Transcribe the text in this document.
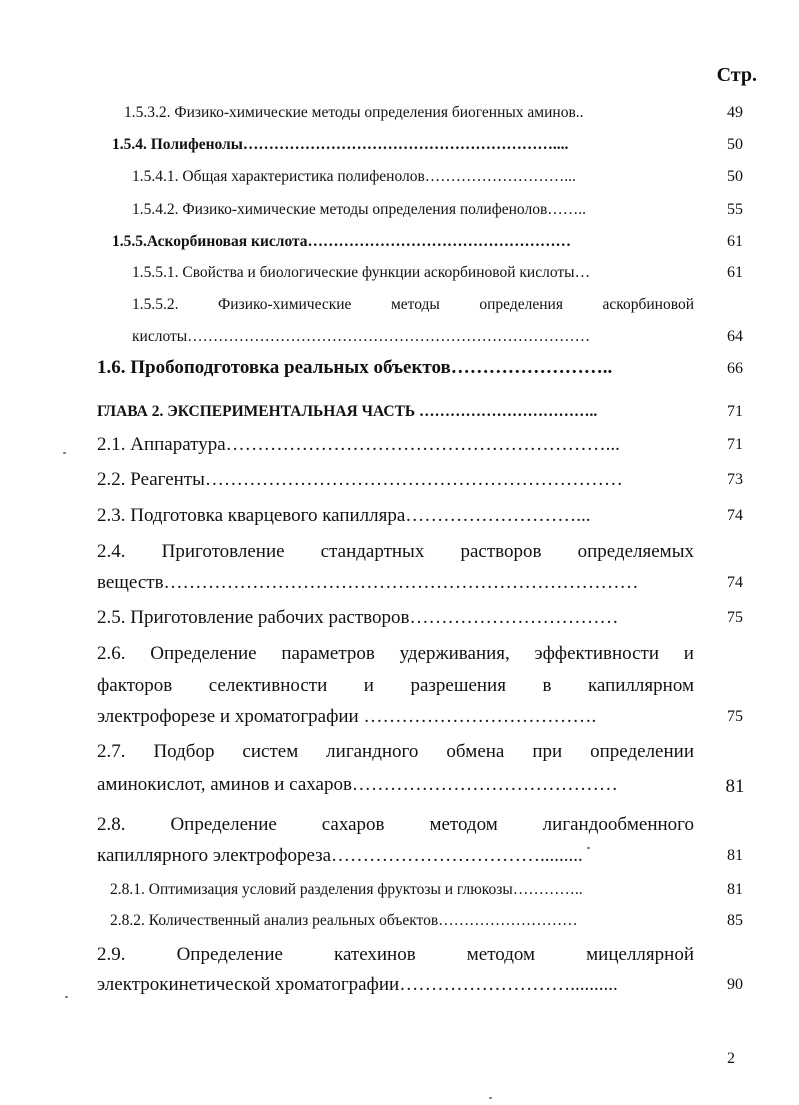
Стр.
1.5.3.2. Физико-химические методы определения биогенных аминов..	49
1.5.4. Полифенолы……………………………………………………....	50
1.5.4.1. Общая характеристика полифенолов………………………...	50
1.5.4.2. Физико-химические методы определения полифенолов……..	55
1.5.5.Аскорбиновая кислота……………………………………………	61
1.5.5.1. Свойства и биологические функции аскорбиновой кислоты…	61
1.5.5.2.	Физико-химические	методы	определения	аскорбиновой
кислоты……………………………………………………………………	64
1.6. Пробоподготовка реальных объектов……………………..	66
ГЛАВА 2. ЭКСПЕРИМЕНТАЛЬНАЯ ЧАСТЬ ……………………………..	71
2.1. Аппаратура……………………………………………………...	71
2.2. Реагенты…………………………………………………………	73
2.3. Подготовка кварцевого капилляра………………………...	74
2.4. Приготовление стандартных растворов определяемых
веществ…………………………………………………………………	74
2.5. Приготовление рабочих растворов……………………………	75
2.6. Определение параметров удерживания, эффективности и
факторов селективности и разрешения в капиллярном
электрофорезе и хроматографии ……………………………….	75
2.7. Подбор систем лигандного обмена при определении
аминокислот, аминов и сахаров……………………………………	81
2.8. Определение сахаров методом лигандообменного
капиллярного электрофореза…………………………….........	81
2.8.1. Оптимизация условий разделения фруктозы и глюкозы…………..	81
2.8.2. Количественный анализ реальных объектов………………………	85
2.9.	Определение	катехинов	методом	мицеллярной
электрокинетической хроматографии………………………..........	90
2
